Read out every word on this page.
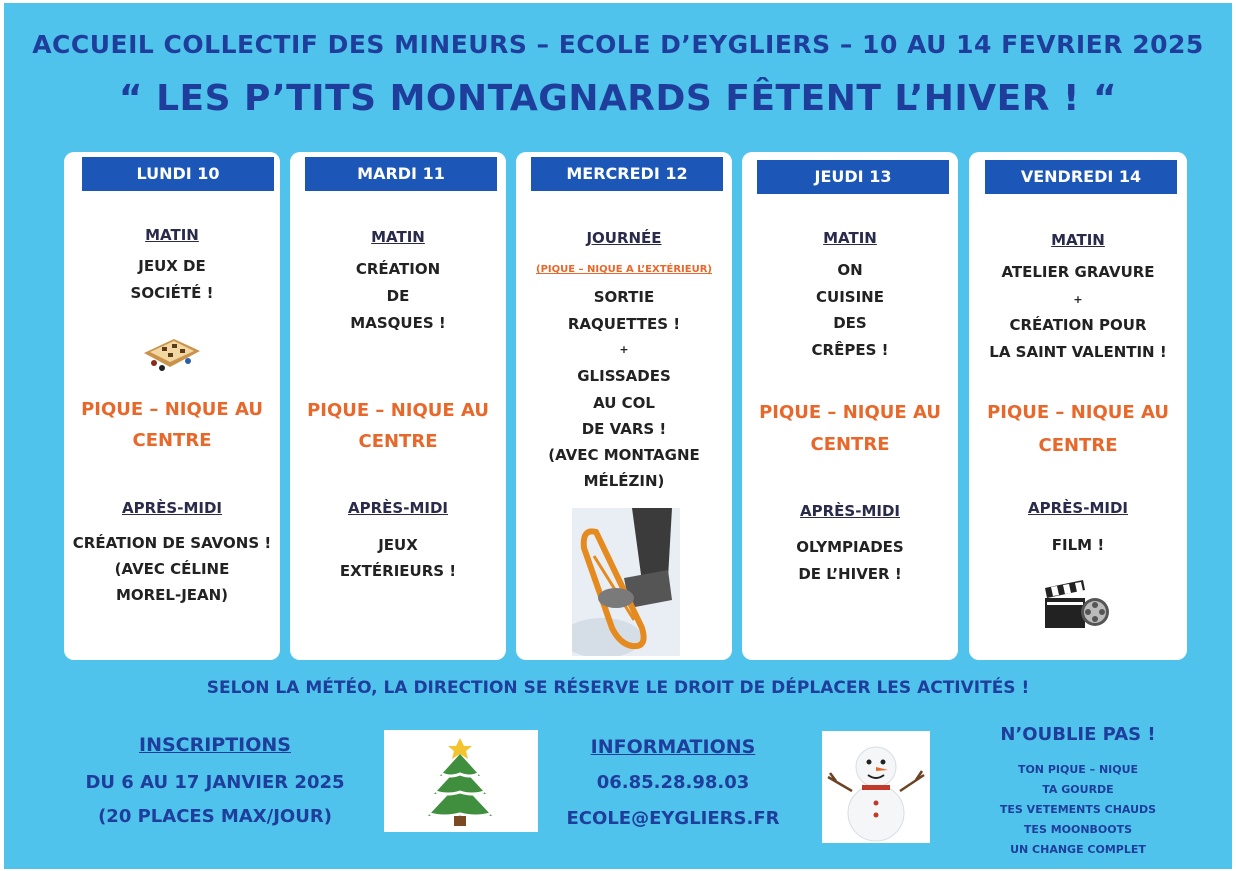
ACCUEIL COLLECTIF DES MINEURS – ECOLE D’EYGLIERS – 10 AU 14 FEVRIER 2025
“ LES P’TITS MONTAGNARDS FÊTENT L’HIVER ! “
LUNDI 10
MATIN
JEUX DE
SOCIÉTÉ !
PIQUE – NIQUE AU
CENTRE
APRÈS-MIDI
CRÉATION DE SAVONS !
(AVEC CÉLINE
MOREL-JEAN)
MARDI 11
MATIN
CRÉATION
DE
MASQUES !
PIQUE – NIQUE AU
CENTRE
APRÈS-MIDI
JEUX
EXTÉRIEURS !
MERCREDI 12
JOURNÉE
(PIQUE – NIQUE A L’EXTÉRIEUR)
SORTIE
RAQUETTES !
+
GLISSADES
AU COL
DE VARS !
(AVEC MONTAGNE
MÉLÉZIN)
JEUDI 13
MATIN
ON
CUISINE
DES
CRÊPES !
PIQUE – NIQUE AU
CENTRE
APRÈS-MIDI
OLYMPIADES
DE L’HIVER !
VENDREDI 14
MATIN
ATELIER GRAVURE
+
CRÉATION POUR
LA SAINT VALENTIN !
PIQUE – NIQUE AU
CENTRE
APRÈS-MIDI
FILM !
SELON LA MÉTÉO, LA DIRECTION SE RÉSERVE LE DROIT DE DÉPLACER LES ACTIVITÉS !
INSCRIPTIONS
DU 6 AU 17 JANVIER 2025
(20 PLACES MAX/JOUR)
INFORMATIONS
06.85.28.98.03
ECOLE@EYGLIERS.FR
N’OUBLIE PAS !
TON PIQUE – NIQUE
TA GOURDE
TES VETEMENTS CHAUDS
TES MOONBOOTS
UN CHANGE COMPLET
